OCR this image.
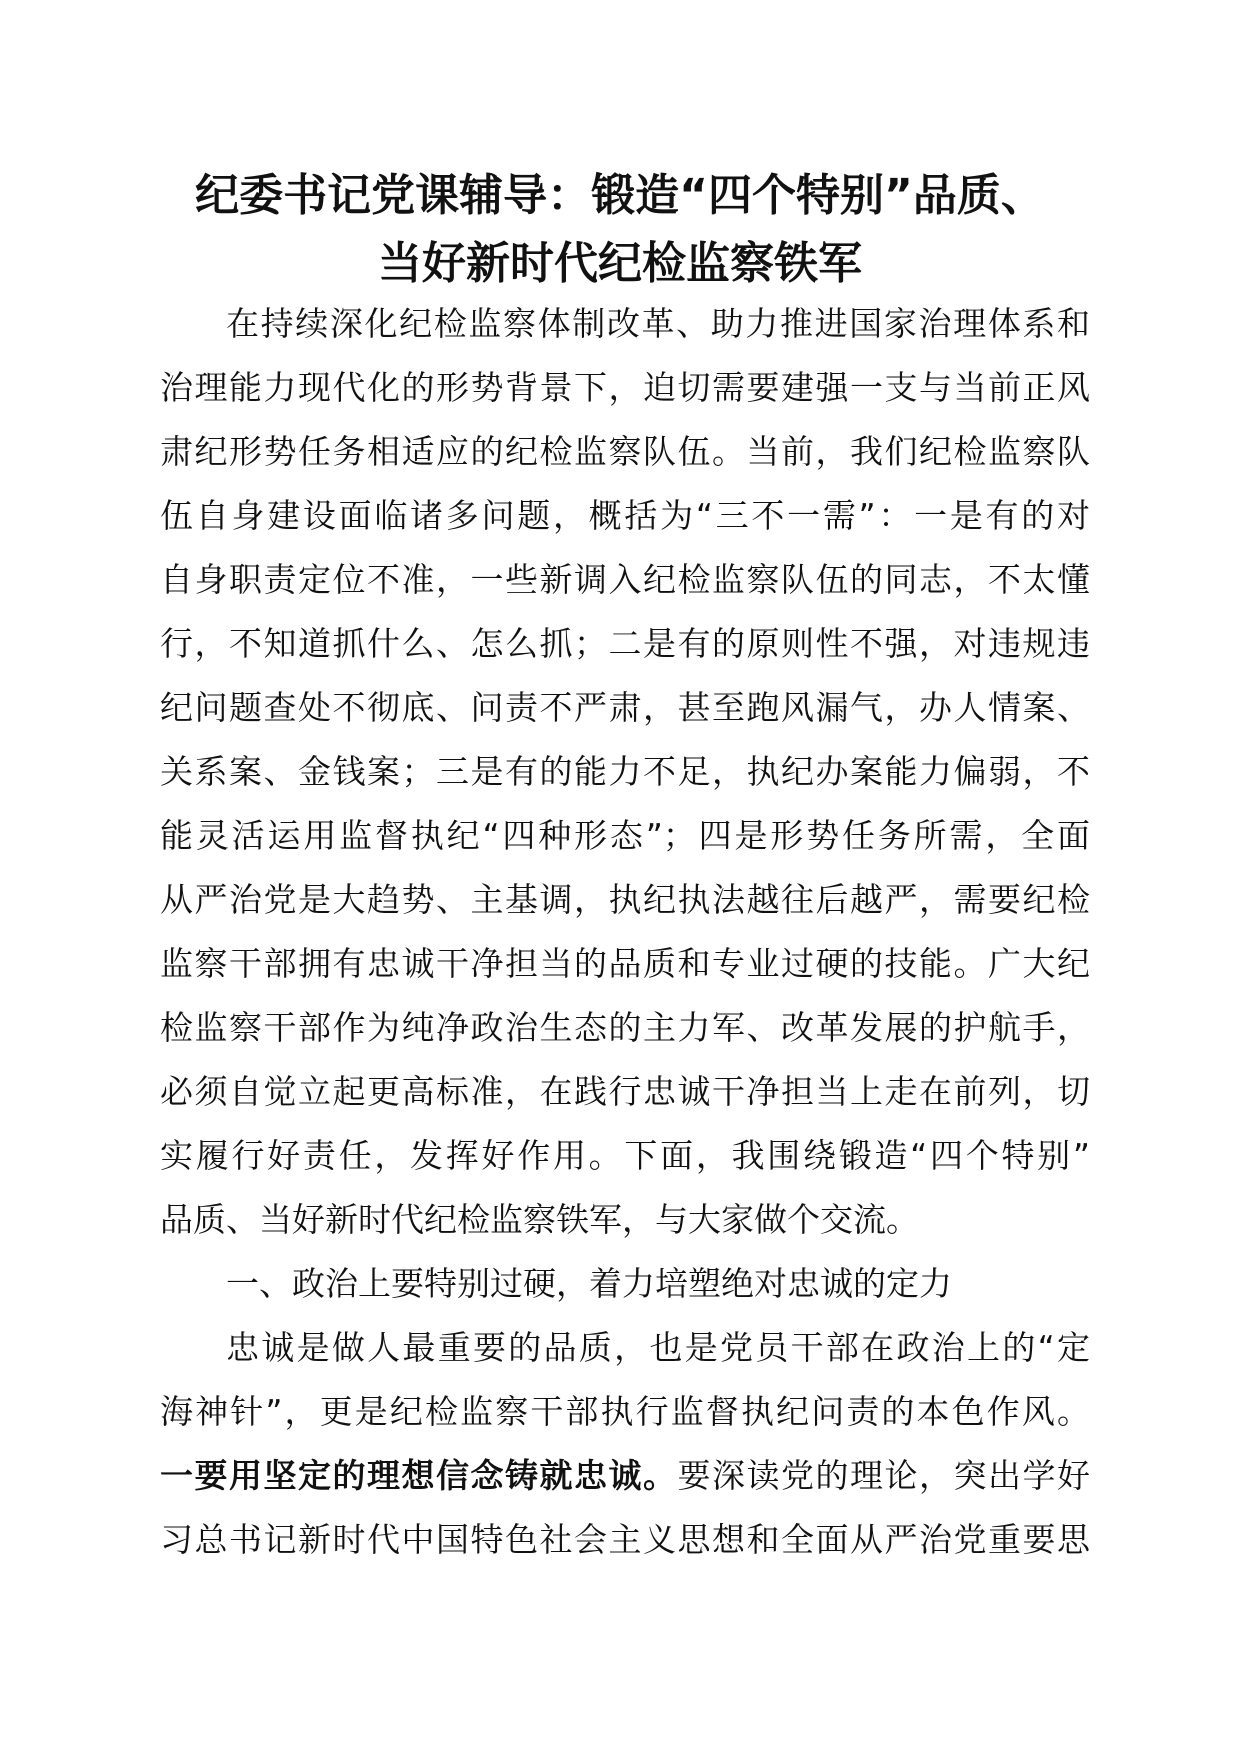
纪委书记党课辅导：锻造“四个特别”品质、
当好新时代纪检监察铁军
在持续深化纪检监察体制改革、助力推进国家治理体系和
治理能力现代化的形势背景下，迫切需要建强一支与当前正风
肃纪形势任务相适应的纪检监察队伍。当前，我们纪检监察队
伍自身建设面临诸多问题，概括为“三不一需”：一是有的对
自身职责定位不准，一些新调入纪检监察队伍的同志，不太懂
行，不知道抓什么、怎么抓；二是有的原则性不强，对违规违
纪问题查处不彻底、问责不严肃，甚至跑风漏气，办人情案、
关系案、金钱案；三是有的能力不足，执纪办案能力偏弱，不
能灵活运用监督执纪“四种形态”；四是形势任务所需，全面
从严治党是大趋势、主基调，执纪执法越往后越严，需要纪检
监察干部拥有忠诚干净担当的品质和专业过硬的技能。广大纪
检监察干部作为纯净政治生态的主力军、改革发展的护航手，
必须自觉立起更高标准，在践行忠诚干净担当上走在前列，切
实履行好责任，发挥好作用。下面，我围绕锻造“四个特别”
品质、当好新时代纪检监察铁军，与大家做个交流。
一、政治上要特别过硬，着力培塑绝对忠诚的定力
忠诚是做人最重要的品质，也是党员干部在政治上的“定
海神针”，更是纪检监察干部执行监督执纪问责的本色作风。
一要用坚定的理想信念铸就忠诚。要深读党的理论，突出学好
习总书记新时代中国特色社会主义思想和全面从严治党重要思
